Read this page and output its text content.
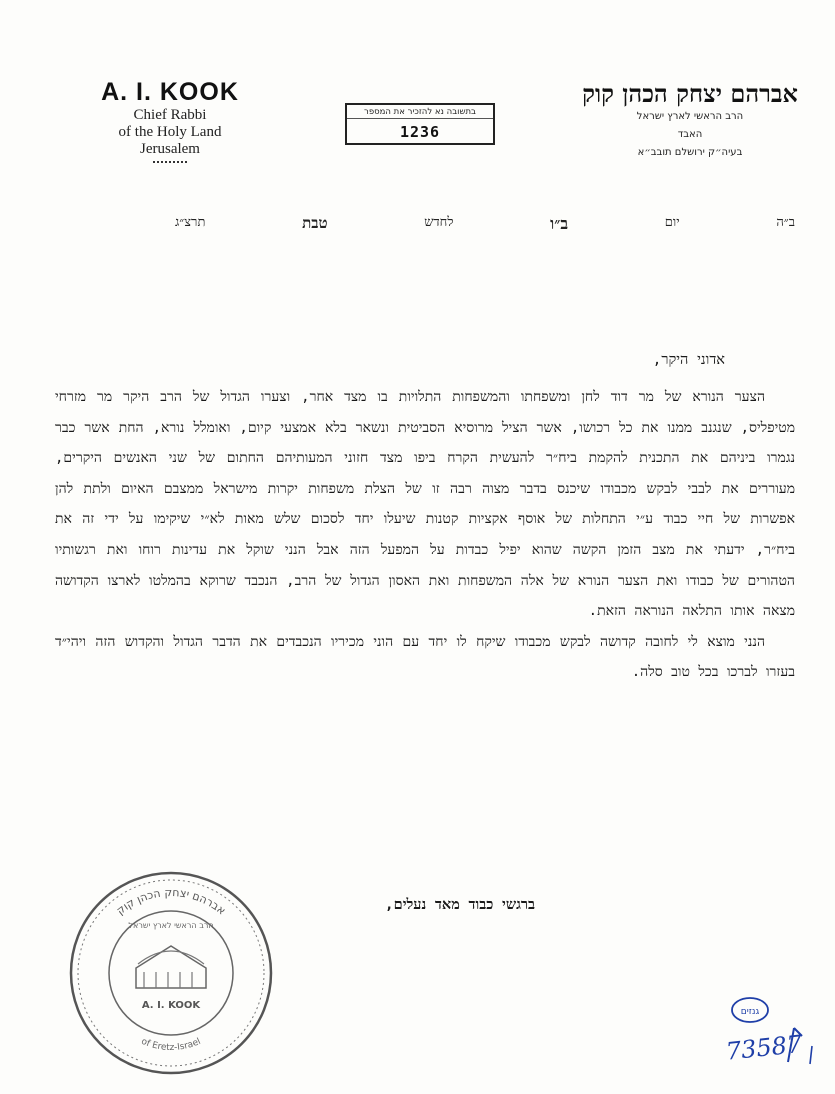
A. I. KOOK
Chief Rabbi
of the Holy Land
Jerusalem
בתשובה נא להזכיר את המספר
1236
אברהם יצחק הכהן קוק
הרב הראשי לארץ ישראל
האבד
בעיה״ק ירושלם תובב״א
ב״ה
יום
ב״ו
לחדש
טבת
תרצ״ג
אדוני היקר,

הצער הנורא של מר דוד לחן ומשפחתו והמשפחות התלויות בו מצד אחר, וצערו הגדול של הרב היקר מר מזרחי מטיפליס, שנגנב ממנו את כל רכושו, אשר הציל מרוסיא הסביטית ונשאר בלא אמצעי קיום, ואומלל נורא, החת אשר כבר נגמרו ביניהם את התכנית להקמת ביח״ר להעשית הקרח ביפו מצד חזוני המעותיהם החתום של שני האנשים היקרים, מעוררים את לבבי לבקש מכבודו שיכנס בדבר מצוה רבה זו של הצלת משפחות יקרות מישראל ממצבם האיום ולתת להן אפשרות של חיי כבוד ע״י התחלות של אוסף אקציות קטנות שיעלו יחד לסכום שלש מאות לא״י שיקימו על ידי זה את ביח״ר, ידעתי את מצב הזמן הקשה שהוא יפיל כבדות על המפעל הזה אבל הנני שוקל את עדינות רוחו ואת רגשותיו הטהורים של כבודו ואת הצער הנורא של אלה המשפחות ואת האסון הגדול של הרב, הנכבד שרוקא בהמלטו לארצו הקדושה מצאה אותו התלאה הנוראה הזאת.

הנני מוצא לי לחובה קדושה לבקש מכבודו שיקח לו יחד עם הוני מכיריו הנכבדים את הדבר הגדול והקדוש הזה ויהי״ד בעזרו לברכו בכל טוב סלה.

ברגשי כבוד מאד נעלים,
אברהם יצחק הכהן קוק
of Eretz-Israel
A. I. KOOK
הרב הראשי לארץ ישראל
גנזים
73587
